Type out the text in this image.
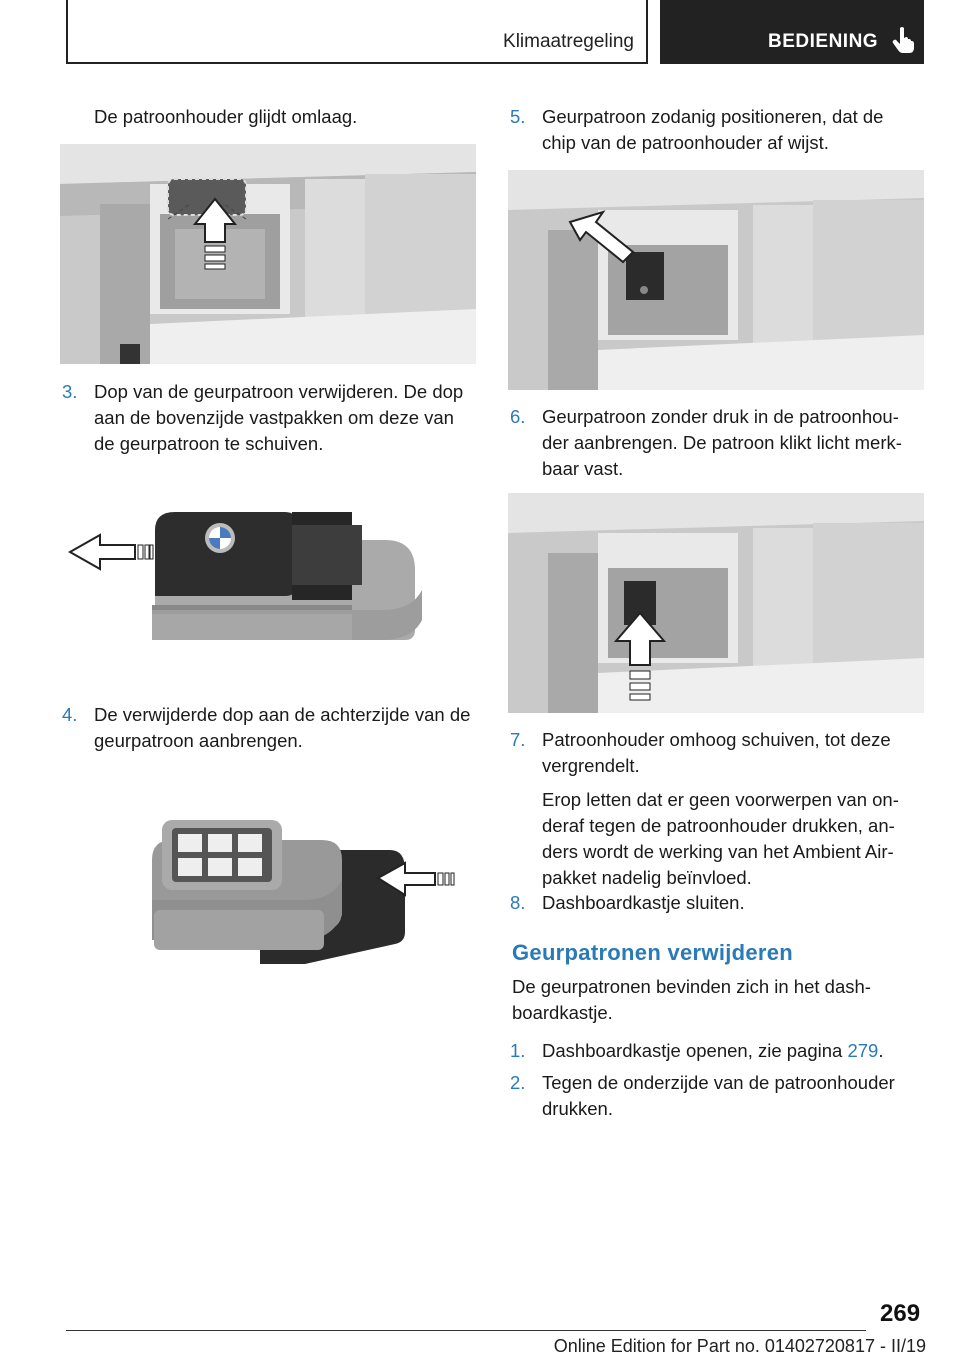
Klimaatregeling	BEDIENING

De patroonhouder glijdt omlaag.

3. Dop van de geurpatroon verwijderen. De dop
aan de bovenzijde vastpakken om deze van
de geurpatroon te schuiven.
4. De verwijderde dop aan de achterzijde van de
geurpatroon aanbrengen.
5. Geurpatroon zodanig positioneren, dat de
chip van de patroonhouder af wijst.
6. Geurpatroon zonder druk in de patroonhou‐
der aanbrengen. De patroon klikt licht merk‐
baar vast.
7. Patroonhouder omhoog schuiven, tot deze
vergrendelt.
Erop letten dat er geen voorwerpen van on‐
deraf tegen de patroonhouder drukken, an‐
ders wordt de werking van het Ambient Air-
pakket nadelig beïnvloed.
8. Dashboardkastje sluiten.
Geurpatronen verwijderen
De geurpatronen bevinden zich in het dash‐
boardkastje.
1. Dashboardkastje openen, zie pagina 279.
2. Tegen de onderzijde van de patroonhouder
drukken.
269
Online Edition for Part no. 01402720817 - II/19
